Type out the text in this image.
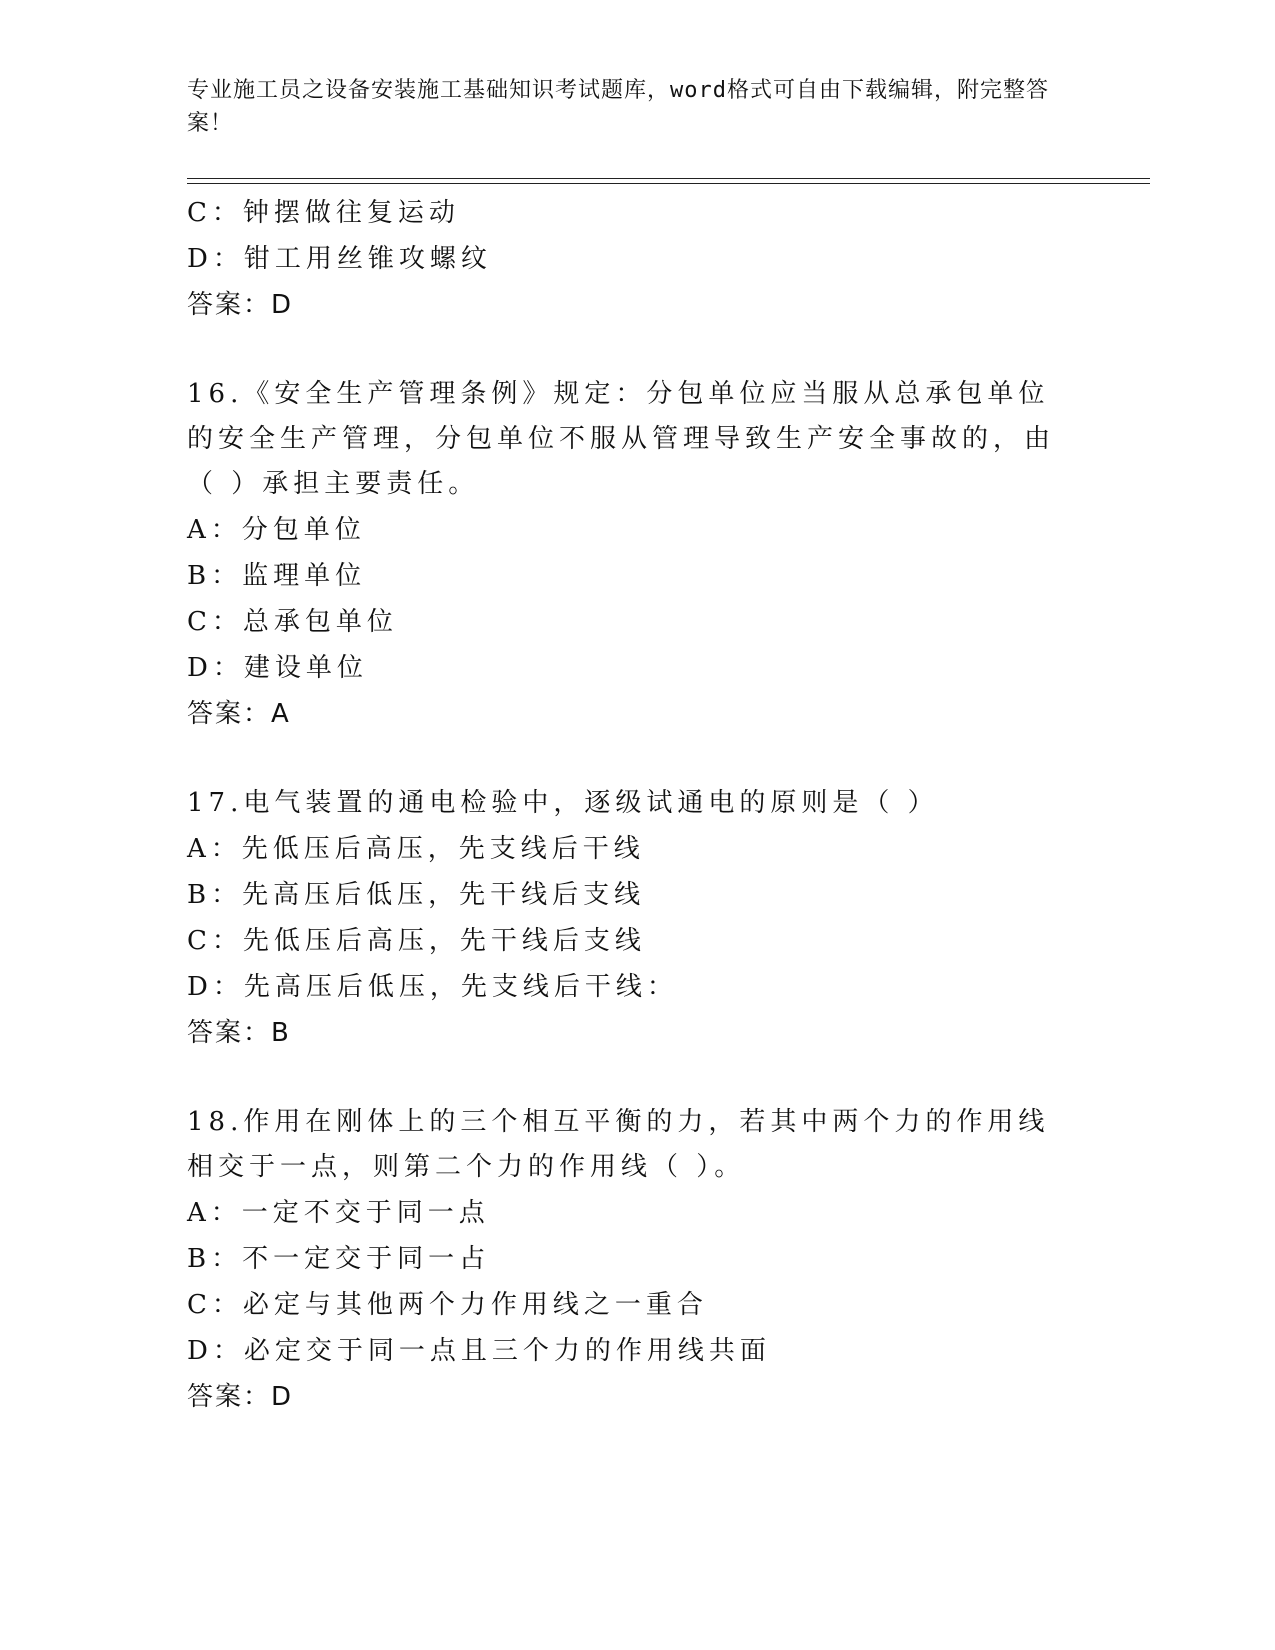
专业施工员之设备安装施工基础知识考试题库，word格式可自由下载编辑，附完整答案！
C：钟摆做往复运动
D：钳工用丝锥攻螺纹
答案：D
16.《安全生产管理条例》规定：分包单位应当服从总承包单位的安全生产管理，分包单位不服从管理导致生产安全事故的，由（ ）承担主要责任。
A：分包单位
B：监理单位
C：总承包单位
D：建设单位
答案：A
17.电气装置的通电检验中，逐级试通电的原则是（ ）
A：先低压后高压，先支线后干线
B：先高压后低压，先干线后支线
C：先低压后高压，先干线后支线
D：先高压后低压，先支线后干线：
答案：B
18.作用在刚体上的三个相互平衡的力，若其中两个力的作用线相交于一点，则第二个力的作用线（ ）。
A：一定不交于同一点
B：不一定交于同一占
C：必定与其他两个力作用线之一重合
D：必定交于同一点且三个力的作用线共面
答案：D
